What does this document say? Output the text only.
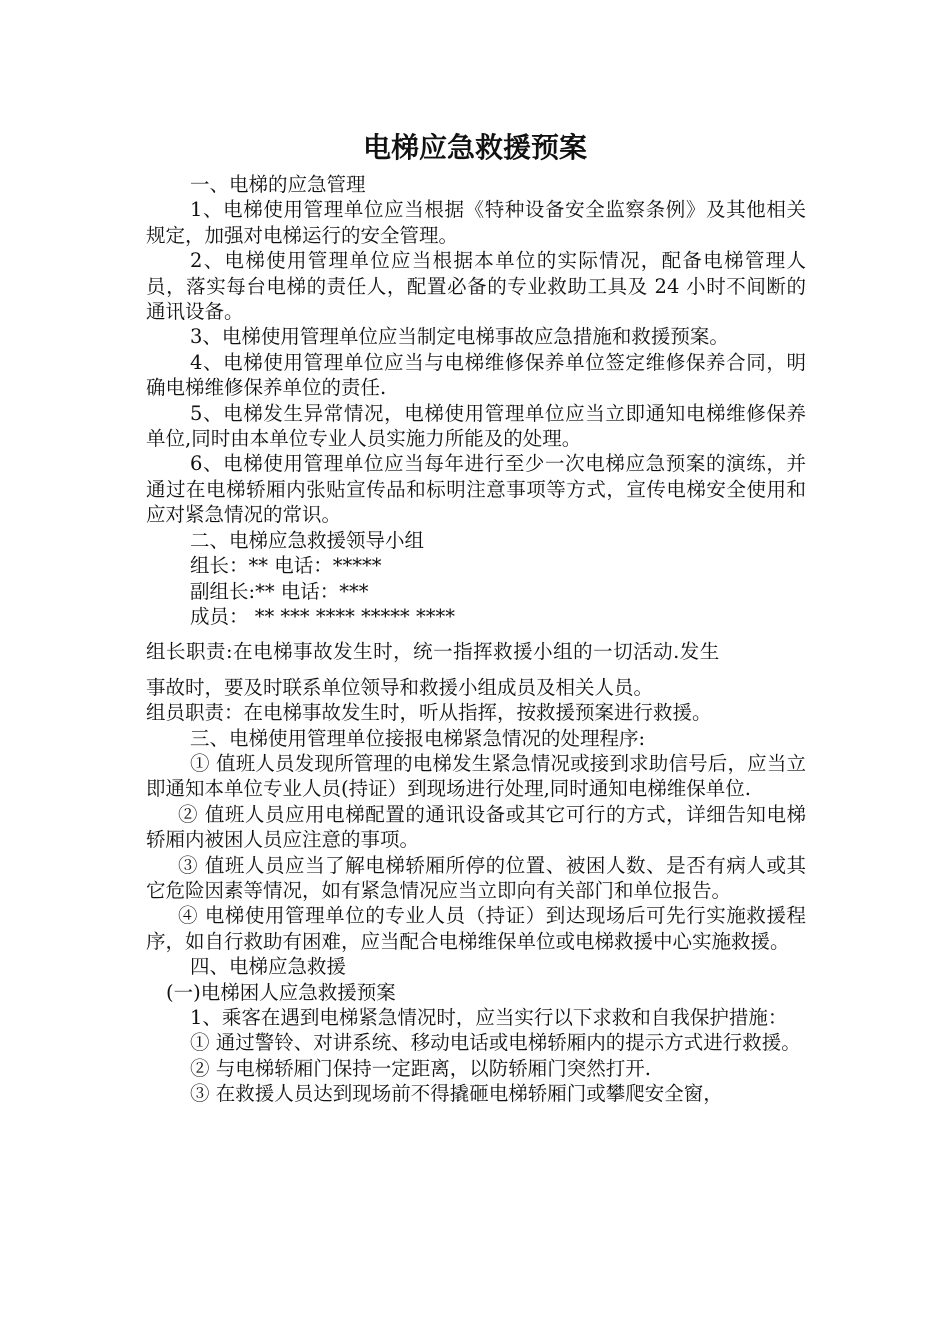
电梯应急救援预案

一、电梯的应急管理

1、电梯使用管理单位应当根据《特种设备安全监察条例》及其他相关规定，加强对电梯运行的安全管理。

2、电梯使用管理单位应当根据本单位的实际情况，配备电梯管理人员，落实每台电梯的责任人，配置必备的专业救助工具及 24 小时不间断的通讯设备。

3、电梯使用管理单位应当制定电梯事故应急措施和救援预案。

4、电梯使用管理单位应当与电梯维修保养单位签定维修保养合同，明确电梯维修保养单位的责任.

5、电梯发生异常情况，电梯使用管理单位应当立即通知电梯维修保养单位,同时由本单位专业人员实施力所能及的处理。

6、电梯使用管理单位应当每年进行至少一次电梯应急预案的演练，并通过在电梯轿厢内张贴宣传品和标明注意事项等方式，宣传电梯安全使用和应对紧急情况的常识。

二、电梯应急救援领导小组

组长：** 电话：*****

副组长:** 电话：***

成员： ** *** **** ***** ****

组长职责:在电梯事故发生时，统一指挥救援小组的一切活动.发生

事故时，要及时联系单位领导和救援小组成员及相关人员。

组员职责：在电梯事故发生时，听从指挥，按救援预案进行救援。

三、电梯使用管理单位接报电梯紧急情况的处理程序:

① 值班人员发现所管理的电梯发生紧急情况或接到求助信号后，应当立即通知本单位专业人员(持证）到现场进行处理,同时通知电梯维保单位.

② 值班人员应用电梯配置的通讯设备或其它可行的方式，详细告知电梯轿厢内被困人员应注意的事项。

③ 值班人员应当了解电梯轿厢所停的位置、被困人数、是否有病人或其它危险因素等情况，如有紧急情况应当立即向有关部门和单位报告。

④ 电梯使用管理单位的专业人员（持证）到达现场后可先行实施救援程序，如自行救助有困难，应当配合电梯维保单位或电梯救援中心实施救援。

四、电梯应急救援

(一)电梯困人应急救援预案

1、乘客在遇到电梯紧急情况时，应当实行以下求救和自我保护措施：

① 通过警铃、对讲系统、移动电话或电梯轿厢内的提示方式进行救援。

② 与电梯轿厢门保持一定距离，以防轿厢门突然打开.

③ 在救援人员达到现场前不得撬砸电梯轿厢门或攀爬安全窗，
